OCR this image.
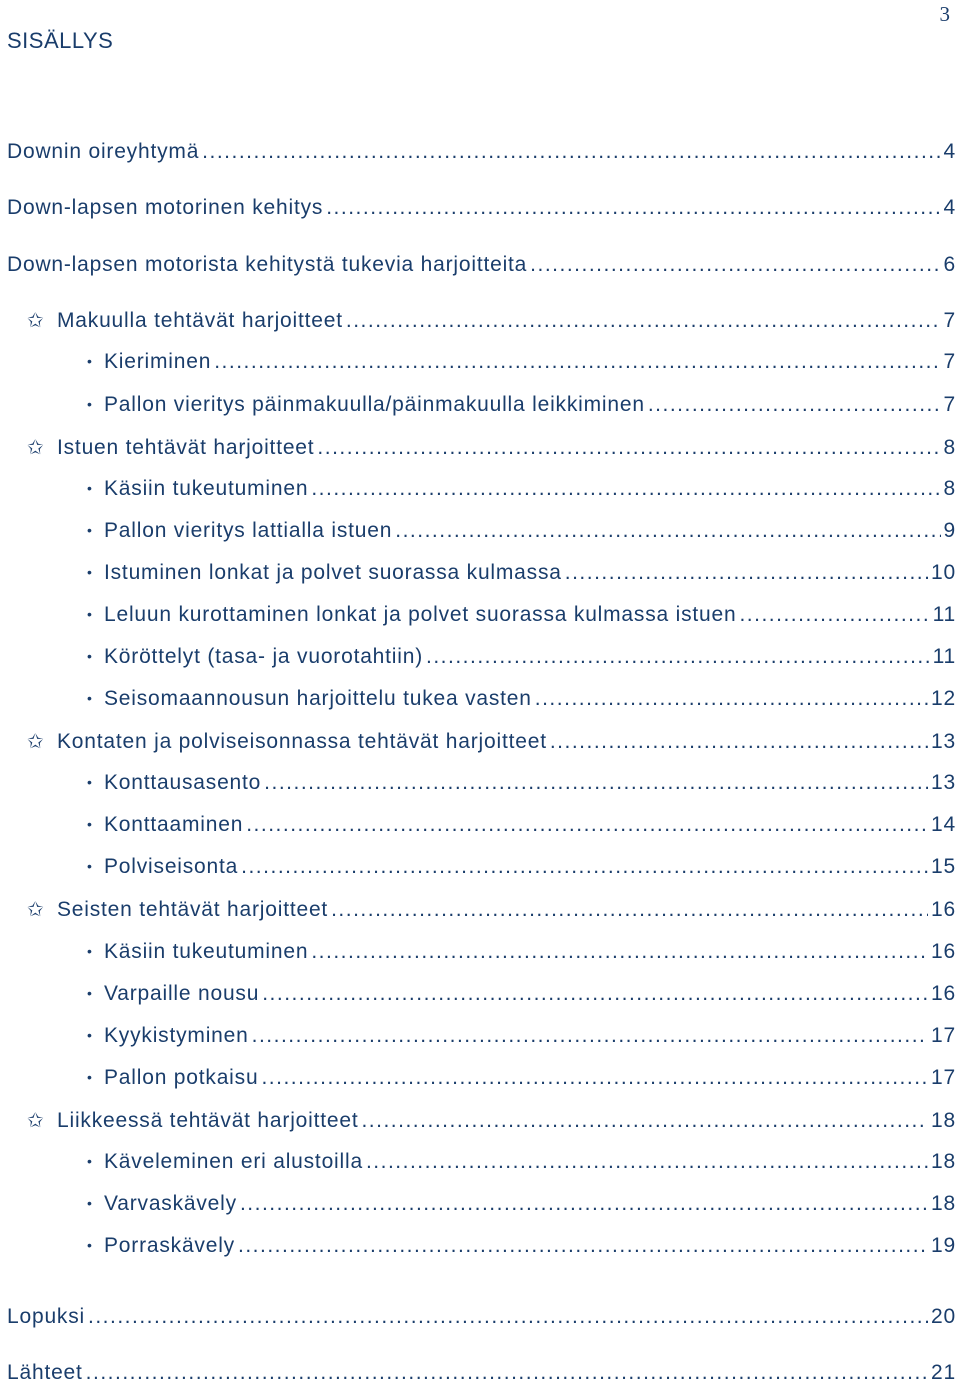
3
SISÄLLYS
Downin oireyhtymä .....	4
Down-lapsen motorinen kehitys .....	4
Down-lapsen motorista kehitystä tukevia harjoitteita .....	6
✩ Makuulla tehtävät harjoitteet .....	7
• Kieriminen .....	7
• Pallon vieritys päinmakuulla/päinmakuulla leikkiminen .....	7
✩ Istuen tehtävät harjoitteet .....	8
• Käsiin tukeutuminen .....	8
• Pallon vieritys lattialla istuen .....	9
• Istuminen lonkat ja polvet suorassa kulmassa .....	10
• Leluun kurottaminen lonkat ja polvet suorassa kulmassa istuen .....	11
• Köröttelyt (tasa- ja vuorotahtiin) .....	11
• Seisomaannousun harjoittelu tukea vasten .....	12
✩ Kontaten ja polviseisonnassa tehtävät harjoitteet .....	13
• Konttausasento .....	13
• Konttaaminen .....	14
• Polviseisonta .....	15
✩ Seisten tehtävät harjoitteet .....	16
• Käsiin tukeutuminen .....	16
• Varpaille nousu .....	16
• Kyykistyminen .....	17
• Pallon potkaisu .....	17
✩ Liikkeessä tehtävät harjoitteet .....	18
• Käveleminen eri alustoilla .....	18
• Varvaskävely .....	18
• Porraskävely .....	19
Lopuksi .....	20
Lähteet .....	21
